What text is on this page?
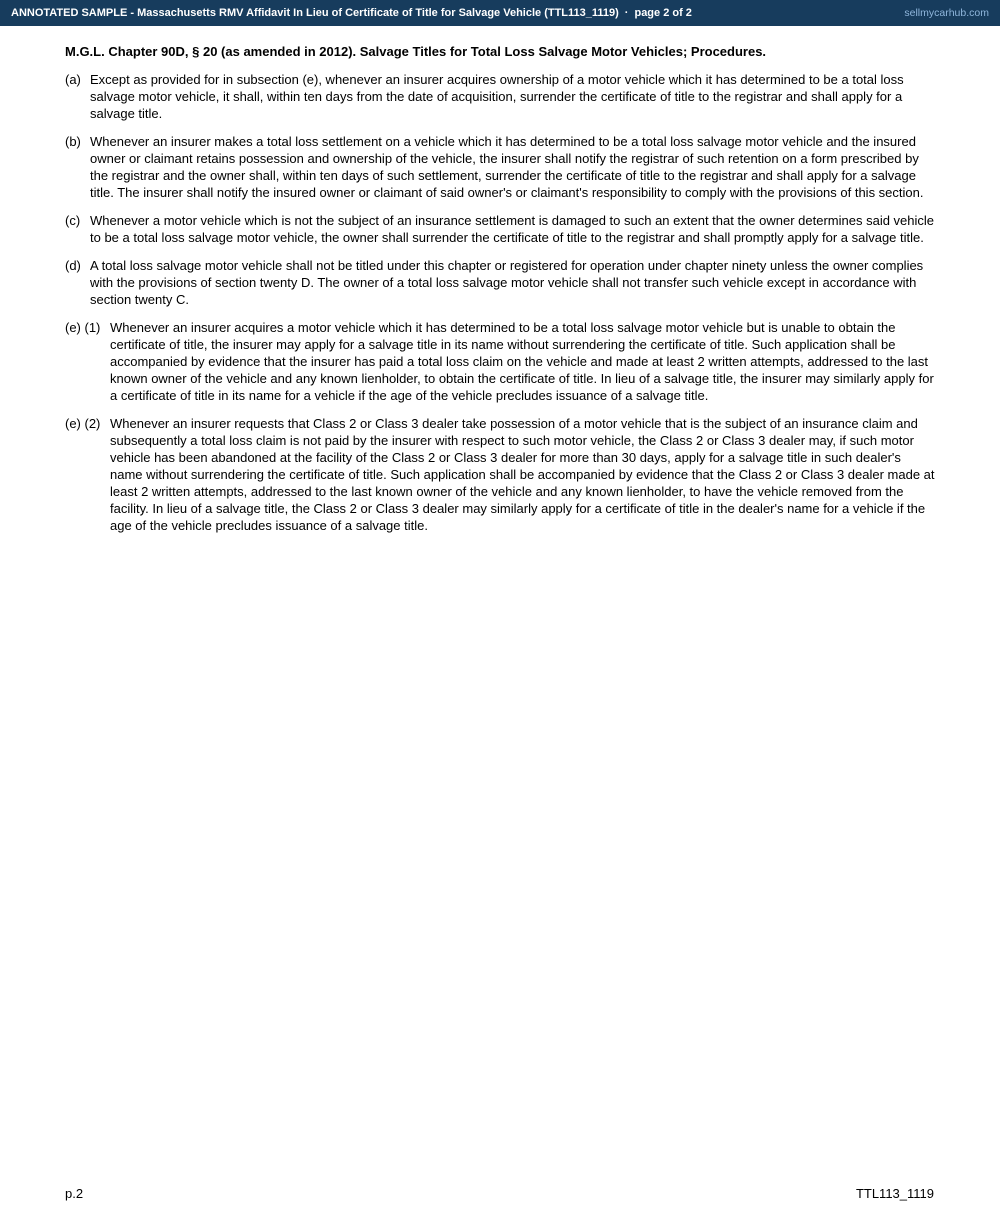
ANNOTATED SAMPLE - Massachusetts RMV Affidavit In Lieu of Certificate of Title for Salvage Vehicle (TTL113_1119) · page 2 of 2	sellmycarhub.com
M.G.L. Chapter 90D, § 20 (as amended in 2012). Salvage Titles for Total Loss Salvage Motor Vehicles; Procedures.
(a) Except as provided for in subsection (e), whenever an insurer acquires ownership of a motor vehicle which it has determined to be a total loss salvage motor vehicle, it shall, within ten days from the date of acquisition, surrender the certificate of title to the registrar and shall apply for a salvage title.
(b) Whenever an insurer makes a total loss settlement on a vehicle which it has determined to be a total loss salvage motor vehicle and the insured owner or claimant retains possession and ownership of the vehicle, the insurer shall notify the registrar of such retention on a form prescribed by the registrar and the owner shall, within ten days of such settlement, surrender the certificate of title to the registrar and shall apply for a salvage title. The insurer shall notify the insured owner or claimant of said owner's or claimant's responsibility to comply with the provisions of this section.
(c) Whenever a motor vehicle which is not the subject of an insurance settlement is damaged to such an extent that the owner determines said vehicle to be a total loss salvage motor vehicle, the owner shall surrender the certificate of title to the registrar and shall promptly apply for a salvage title.
(d) A total loss salvage motor vehicle shall not be titled under this chapter or registered for operation under chapter ninety unless the owner complies with the provisions of section twenty D. The owner of a total loss salvage motor vehicle shall not transfer such vehicle except in accordance with section twenty C.
(e) (1) Whenever an insurer acquires a motor vehicle which it has determined to be a total loss salvage motor vehicle but is unable to obtain the certificate of title, the insurer may apply for a salvage title in its name without surrendering the certificate of title. Such application shall be accompanied by evidence that the insurer has paid a total loss claim on the vehicle and made at least 2 written attempts, addressed to the last known owner of the vehicle and any known lienholder, to obtain the certificate of title. In lieu of a salvage title, the insurer may similarly apply for a certificate of title in its name for a vehicle if the age of the vehicle precludes issuance of a salvage title.
(e) (2) Whenever an insurer requests that Class 2 or Class 3 dealer take possession of a motor vehicle that is the subject of an insurance claim and subsequently a total loss claim is not paid by the insurer with respect to such motor vehicle, the Class 2 or Class 3 dealer may, if such motor vehicle has been abandoned at the facility of the Class 2 or Class 3 dealer for more than 30 days, apply for a salvage title in such dealer's name without surrendering the certificate of title. Such application shall be accompanied by evidence that the Class 2 or Class 3 dealer made at least 2 written attempts, addressed to the last known owner of the vehicle and any known lienholder, to have the vehicle removed from the facility. In lieu of a salvage title, the Class 2 or Class 3 dealer may similarly apply for a certificate of title in the dealer's name for a vehicle if the age of the vehicle precludes issuance of a salvage title.
p.2	TTL113_1119
